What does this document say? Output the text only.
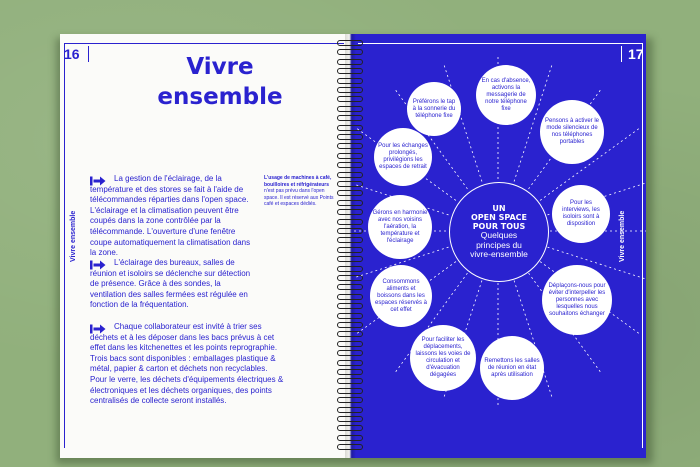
16
Vivre ensemble
Vivre
ensemble

La gestion de l'éclairage, de la température et des stores se fait à l'aide de télécommandes réparties dans l'open space. L'éclairage et la climatisation peuvent être coupés dans la zone contrôlée par la télécommande. L'ouverture d'une fenêtre coupe automatiquement la climatisation dans la zone.

L'éclairage des bureaux, salles de réunion et isoloirs se déclenche sur détection de présence. Grâce à des sondes, la ventilation des salles fermées est régulée en fonction de la fréquentation.

Chaque collaborateur est invité à trier ses déchets et à les déposer dans les bacs prévus à cet effet dans les kitchenettes et les points reprographie. Trois bacs sont disponibles : emballages plastique & métal, papier & carton et déchets non recyclables. Pour le verre, les déchets d'équipements électriques & électroniques et les déchets organiques, des points centralisés de collecte seront installés.

L'usage de machines à café, bouilloires et réfrigérateurs
n'est pas prévu dans l'open space. Il est réservé aux Points café et espaces dédiés.
17
Vivre ensemble
UN
OPEN SPACE
POUR TOUS
Quelques
principes du
vivre-ensemble
Préférons le tap à la sonnerie du téléphone fixe
En cas d'absence, activons la messagerie de notre téléphone fixe
Pensons à activer le mode silencieux de nos téléphones portables
Pour les interviews, les isoloirs sont à disposition
Déplaçons-nous pour éviter d'interpeller les personnes avec lesquelles nous souhaitons échanger
Remettons les salles de réunion en état après utilisation
Pour faciliter les déplacements, laissons les voies de circulation et d'évacuation dégagées
Consommons aliments et boissons dans les espaces réservés à cet effet
Gérons en harmonie avec nos voisins l'aération, la température et l'éclairage
Pour les échanges prolongés, privilégions les espaces de retrait
